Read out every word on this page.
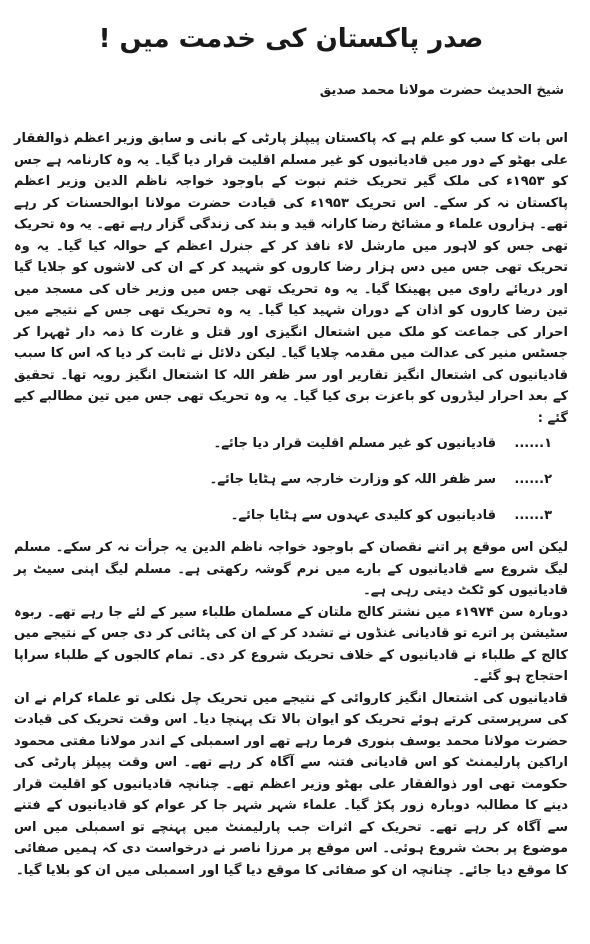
صدر پاکستان کی خدمت میں !
شیخ الحدیث حضرت مولانا محمد صدیق

اس بات کا سب کو علم ہے کہ پاکستان پیپلز پارٹی کے بانی و سابق وزیر اعظم ذوالفقار علی بھٹو کے دور میں قادیانیوں کو غیر مسلم اقلیت قرار دیا گیا۔ یہ وہ کارنامہ ہے جس کو ۱۹۵۳ء کی ملک گیر تحریک ختم نبوت کے باوجود خواجہ ناظم الدین وزیر اعظم پاکستان نہ کر سکے۔ اس تحریک ۱۹۵۳ء کی قیادت حضرت مولانا ابوالحسنات کر رہے تھے۔ ہزاروں علماء و مشائخ رضا کارانہ قید و بند کی زندگی گزار رہے تھے۔ یہ وہ تحریک تھی جس کو لاہور میں مارشل لاء نافذ کر کے جنرل اعظم کے حوالہ کیا گیا۔ یہ وہ تحریک تھی جس میں دس ہزار رضا کاروں کو شہید کر کے ان کی لاشوں کو جلایا گیا اور دریائے راوی میں پھینکا گیا۔ یہ وہ تحریک تھی جس میں وزیر خاں کی مسجد میں تین رضا کاروں کو اذان کے دوران شہید کیا گیا۔ یہ وہ تحریک تھی جس کے نتیجے میں احرار کی جماعت کو ملک میں اشتعال انگیزی اور قتل و غارت کا ذمہ دار ٹھہرا کر جسٹس منیر کی عدالت میں مقدمہ چلایا گیا۔ لیکن دلائل نے ثابت کر دیا کہ اس کا سبب قادیانیوں کی اشتعال انگیز تقاریر اور سر ظفر اللہ کا اشتعال انگیز رویہ تھا۔ تحقیق کے بعد احرار لیڈروں کو باعزت بری کیا گیا۔ یہ وہ تحریک تھی جس میں تین مطالبے کیے گئے :

۱......
قادیانیوں کو غیر مسلم اقلیت قرار دیا جائے۔
۲......
سر ظفر اللہ کو وزارت خارجہ سے ہٹایا جائے۔
۳......
قادیانیوں کو کلیدی عہدوں سے ہٹایا جائے۔

لیکن اس موقع پر اتنے نقصان کے باوجود خواجہ ناظم الدین یہ جرأت نہ کر سکے۔ مسلم لیگ شروع سے قادیانیوں کے بارے میں نرم گوشہ رکھتی ہے۔ مسلم لیگ اپنی سیٹ پر قادیانیوں کو ٹکٹ دیتی رہی ہے۔

دوبارہ سن ۱۹۷۴ء میں نشتر کالج ملتان کے مسلمان طلباء سیر کے لئے جا رہے تھے۔ ربوہ سٹیشن پر اترے تو قادیانی غنڈوں نے تشدد کر کے ان کی پٹائی کر دی جس کے نتیجے میں کالج کے طلباء نے قادیانیوں کے خلاف تحریک شروع کر دی۔ تمام کالجوں کے طلباء سراپا احتجاج ہو گئے۔

قادیانیوں کی اشتعال انگیز کاروائی کے نتیجے میں تحریک چل نکلی تو علماء کرام نے ان کی سرپرستی کرتے ہوئے تحریک کو ایوان بالا تک پہنچا دیا۔ اس وقت تحریک کی قیادت حضرت مولانا محمد یوسف بنوری فرما رہے تھے اور اسمبلی کے اندر مولانا مفتی محمود اراکین پارلیمنٹ کو اس قادیانی فتنہ سے آگاہ کر رہے تھے۔ اس وقت پیپلز پارٹی کی حکومت تھی اور ذوالفقار علی بھٹو وزیر اعظم تھے۔ چنانچہ قادیانیوں کو اقلیت قرار دینے کا مطالبہ دوبارہ زور پکڑ گیا۔ علماء شہر شہر جا کر عوام کو قادیانیوں کے فتنے سے آگاہ کر رہے تھے۔ تحریک کے اثرات جب پارلیمنٹ میں پہنچے تو اسمبلی میں اس موضوع پر بحث شروع ہوئی۔ اس موقع پر مرزا ناصر نے درخواست دی کہ ہمیں صفائی کا موقع دیا جائے۔ چنانچہ ان کو صفائی کا موقع دیا گیا اور اسمبلی میں ان کو بلایا گیا۔
